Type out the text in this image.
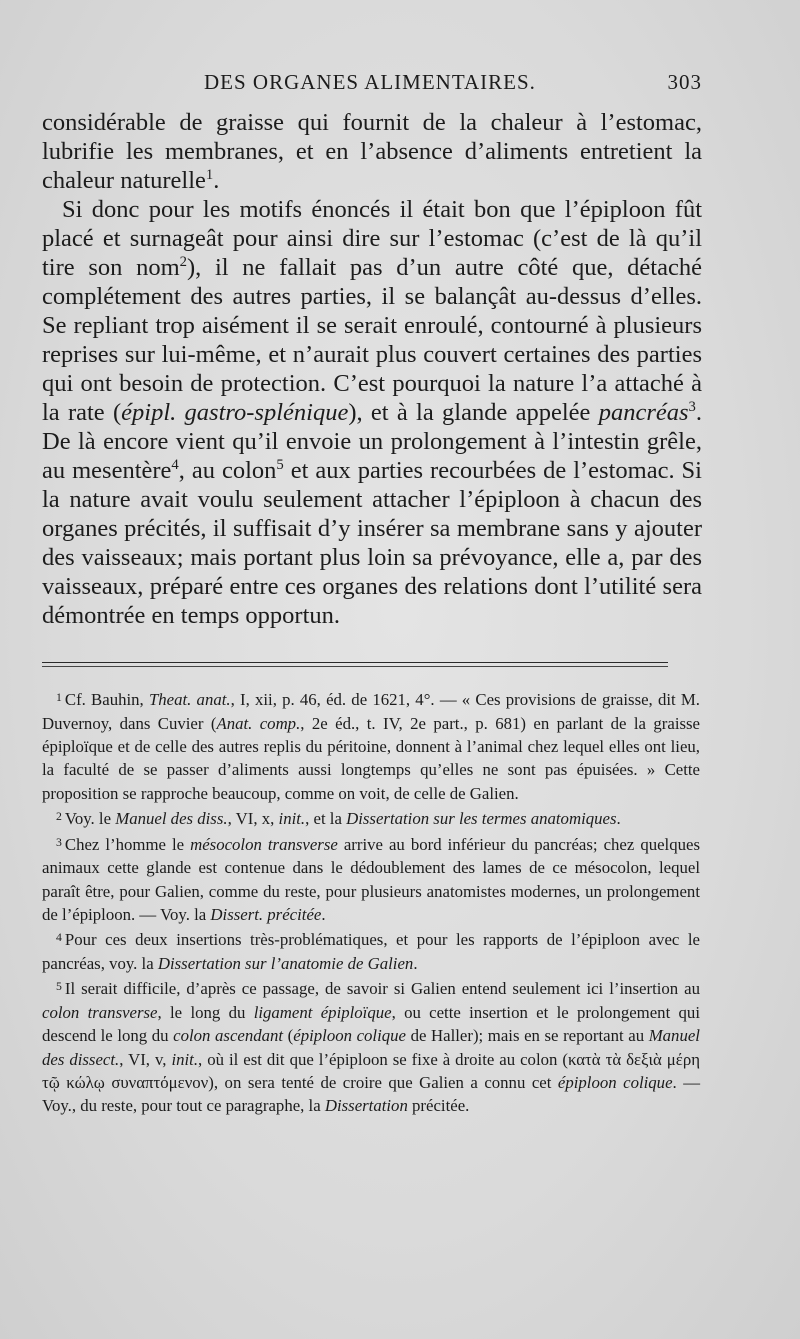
DES ORGANES ALIMENTAIRES.	303

considérable de graisse qui fournit de la chaleur à l’estomac, lubrifie les membranes, et en l’absence d’aliments entretient la chaleur naturelle$^1$.

Si donc pour les motifs énoncés il était bon que l’épiploon fût placé et surnageât pour ainsi dire sur l’estomac (c’est de là qu’il tire son nom$^2$), il ne fallait pas d’un autre côté que, détaché complétement des autres parties, il se balançât au-dessus d’elles. Se repliant trop aisément il se serait enroulé, contourné à plusieurs reprises sur lui-même, et n’aurait plus couvert certaines des parties qui ont besoin de protection. C’est pourquoi la nature l’a attaché à la rate (épipl. gastro-splénique), et à la glande appelée pancréas$^3$. De là encore vient qu’il envoie un prolongement à l’intestin grêle, au mesentère$^4$, au colon$^5$ et aux parties recourbées de l’estomac. Si la nature avait voulu seulement attacher l’épiploon à chacun des organes précités, il suffisait d’y insérer sa membrane sans y ajouter des vaisseaux; mais portant plus loin sa prévoyance, elle a, par des vaisseaux, préparé entre ces organes des relations dont l’utilité sera démontrée en temps opportun.

$^1$ Cf. Bauhin, Theat. anat., I, xii, p. 46, éd. de 1621, 4°. — « Ces provisions de graisse, dit M. Duvernoy, dans Cuvier (Anat. comp., 2e éd., t. IV, 2e part., p. 681) en parlant de la graisse épiploïque et de celle des autres replis du péritoine, donnent à l’animal chez lequel elles ont lieu, la faculté de se passer d’aliments aussi longtemps qu’elles ne sont pas épuisées. » Cette proposition se rapproche beaucoup, comme on voit, de celle de Galien.

$^2$ Voy. le Manuel des diss., VI, x, init., et la Dissertation sur les termes anatomiques.

$^3$ Chez l’homme le mésocolon transverse arrive au bord inférieur du pancréas; chez quelques animaux cette glande est contenue dans le dédoublement des lames de ce mésocolon, lequel paraît être, pour Galien, comme du reste, pour plusieurs anatomistes modernes, un prolongement de l’épiploon. — Voy. la Dissert. précitée.

$^4$ Pour ces deux insertions très-problématiques, et pour les rapports de l’épiploon avec le pancréas, voy. la Dissertation sur l’anatomie de Galien.

$^5$ Il serait difficile, d’après ce passage, de savoir si Galien entend seulement ici l’insertion au colon transverse, le long du ligament épiploïque, ou cette insertion et le prolongement qui descend le long du colon ascendant (épiploon colique de Haller); mais en se reportant au Manuel des dissect., VI, v, init., où il est dit que l’épiploon se fixe à droite au colon (κατὰ τὰ δεξιὰ μέρη τῷ κώλῳ συναπτόμενον), on sera tenté de croire que Galien a connu cet épiploon colique. — Voy., du reste, pour tout ce paragraphe, la Dissertation précitée.
